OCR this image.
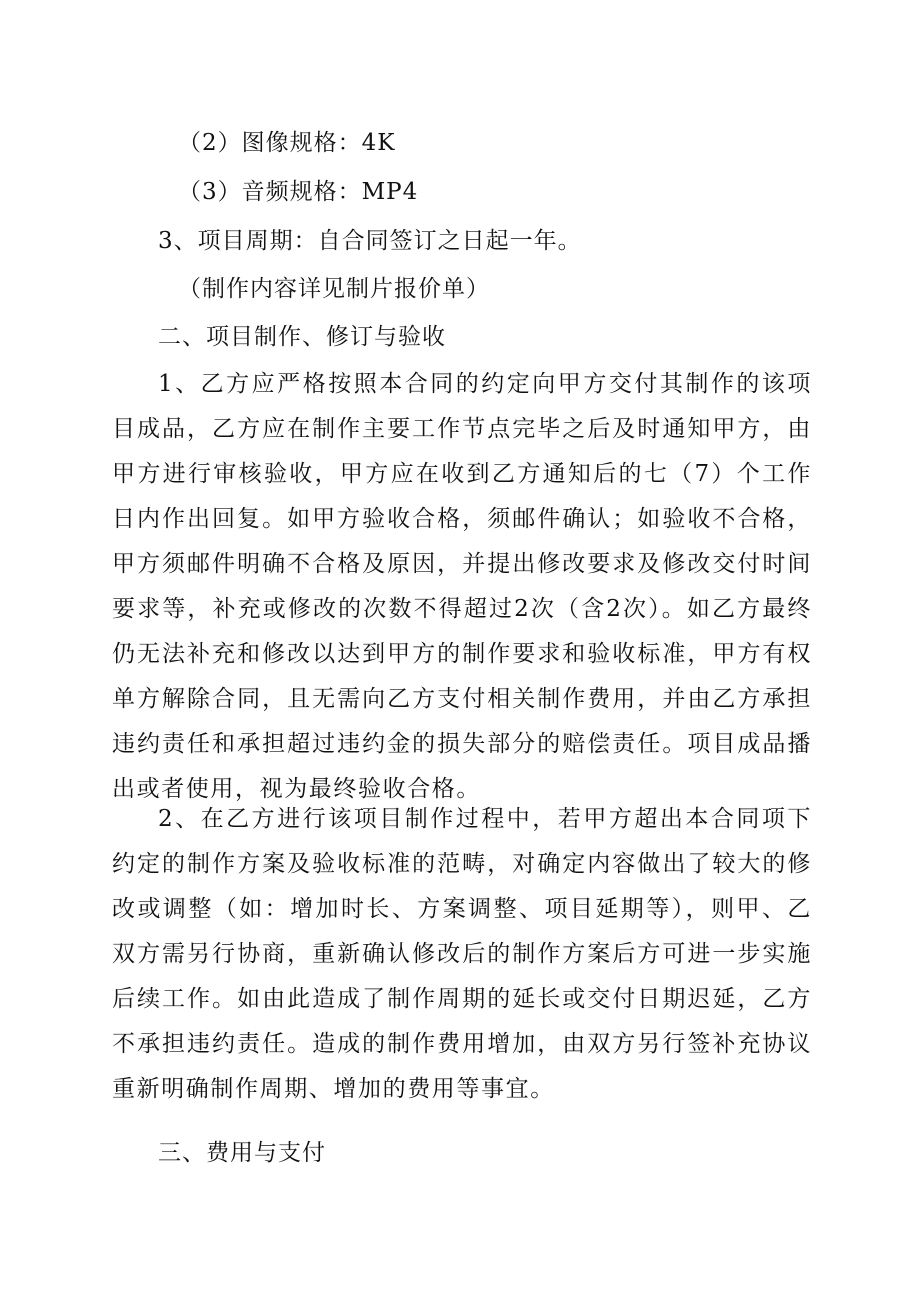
（2）图像规格：4K
（3）音频规格：MP4
3、项目周期：自合同签订之日起一年。
（制作内容详见制片报价单）
二、项目制作、修订与验收

1、乙方应严格按照本合同的约定向甲方交付其制作的该项目成品，乙方应在制作主要工作节点完毕之后及时通知甲方，由甲方进行审核验收，甲方应在收到乙方通知后的七（7）个工作日内作出回复。如甲方验收合格，须邮件确认；如验收不合格，甲方须邮件明确不合格及原因，并提出修改要求及修改交付时间要求等，补充或修改的次数不得超过2次（含2次）。如乙方最终仍无法补充和修改以达到甲方的制作要求和验收标准，甲方有权单方解除合同，且无需向乙方支付相关制作费用，并由乙方承担违约责任和承担超过违约金的损失部分的赔偿责任。项目成品播出或者使用，视为最终验收合格。

2、在乙方进行该项目制作过程中，若甲方超出本合同项下约定的制作方案及验收标准的范畴，对确定内容做出了较大的修改或调整（如：增加时长、方案调整、项目延期等），则甲、乙双方需另行协商，重新确认修改后的制作方案后方可进一步实施后续工作。如由此造成了制作周期的延长或交付日期迟延，乙方不承担违约责任。造成的制作费用增加，由双方另行签补充协议重新明确制作周期、增加的费用等事宜。

三、费用与支付
